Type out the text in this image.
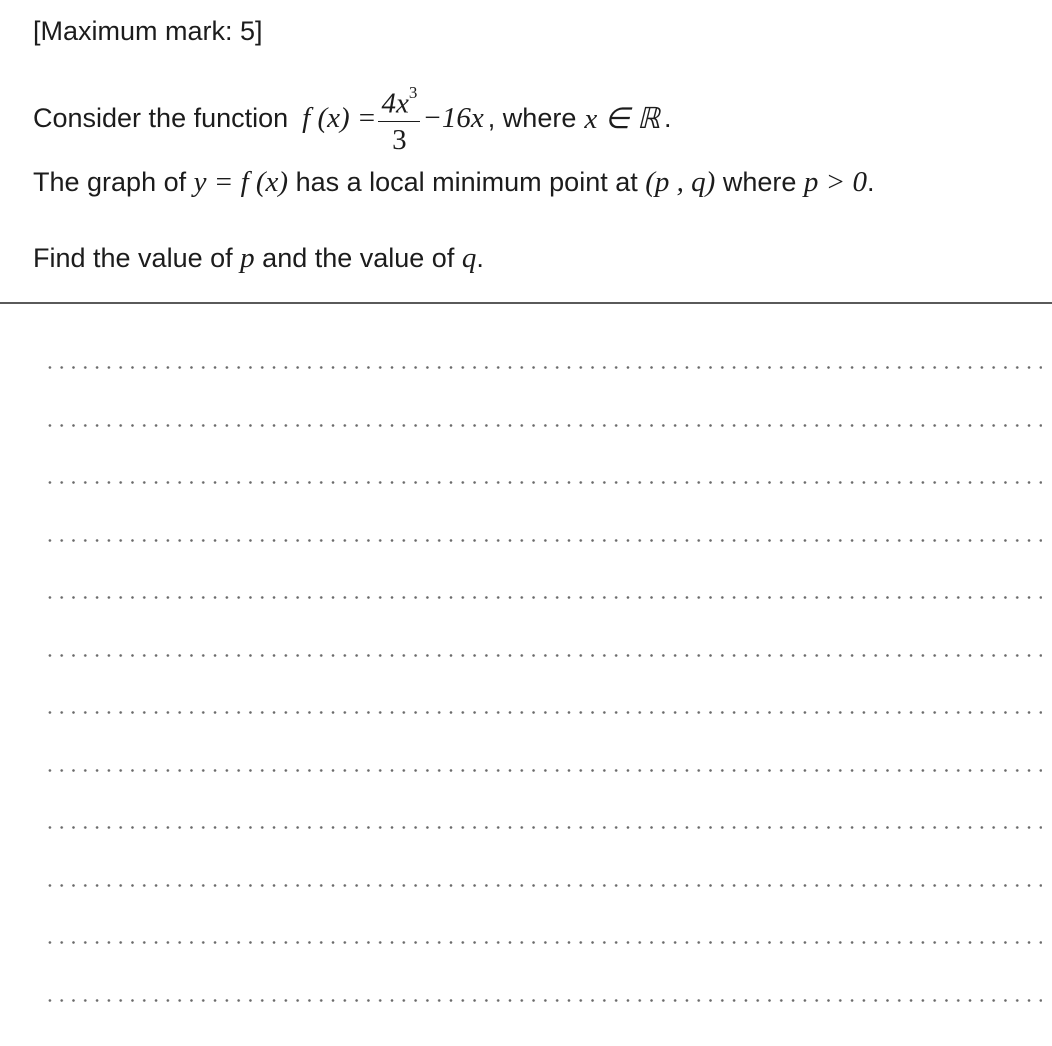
[Maximum mark: 5]
Consider the function f $(x) = \frac{4x^3}{3} -16x$ , where x ∈ ℝ .
The graph of y = f (x) has a local minimum point at (p , q) where p > 0.
Find the value of p and the value of q.
